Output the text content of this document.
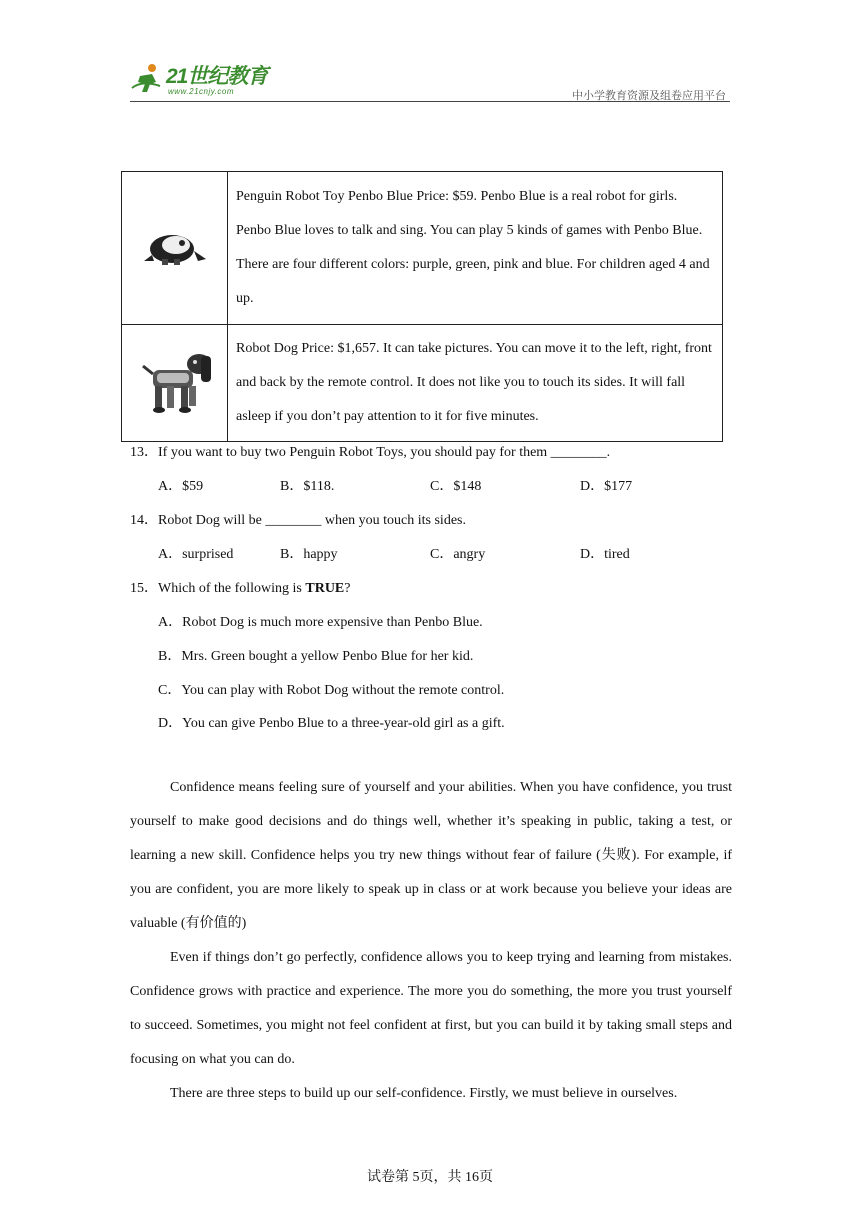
21世纪教育
www.21cnjy.com	中小学教育资源及组卷应用平台
	Penguin Robot Toy Penbo Blue Price: $59. Penbo Blue is a real robot for girls. Penbo Blue loves to talk and sing. You can play 5 kinds of games with Penbo Blue. There are four different colors: purple, green, pink and blue. For children aged 4 and up.
	Robot Dog Price: $1,657. It can take pictures. You can move it to the left, right, front and back by the remote control. It does not like you to touch its sides. It will fall asleep if you don’t pay attention to it for five minutes.
13．If you want to buy two Penguin Robot Toys, you should pay for them ________.
A．$59	B．$118.	C．$148	D．$177
14．Robot Dog will be ________ when you touch its sides.
A．surprised	B．happy	C．angry	D．tired
15．Which of the following is TRUE?
A．Robot Dog is much more expensive than Penbo Blue.
B．Mrs. Green bought a yellow Penbo Blue for her kid.
C．You can play with Robot Dog without the remote control.
D．You can give Penbo Blue to a three-year-old girl as a gift.

Confidence means feeling sure of yourself and your abilities. When you have confidence, you trust yourself to make good decisions and do things well, whether it’s speaking in public, taking a test, or learning a new skill. Confidence helps you try new things without fear of failure (失败). For example, if you are confident, you are more likely to speak up in class or at work because you believe your ideas are valuable (有价值的)

Even if things don’t go perfectly, confidence allows you to keep trying and learning from mistakes. Confidence grows with practice and experience. The more you do something, the more you trust yourself to succeed. Sometimes, you might not feel confident at first, but you can build it by taking small steps and focusing on what you can do.

There are three steps to build up our self-confidence. Firstly, we must believe in ourselves.

试卷第 5页，共 16页
